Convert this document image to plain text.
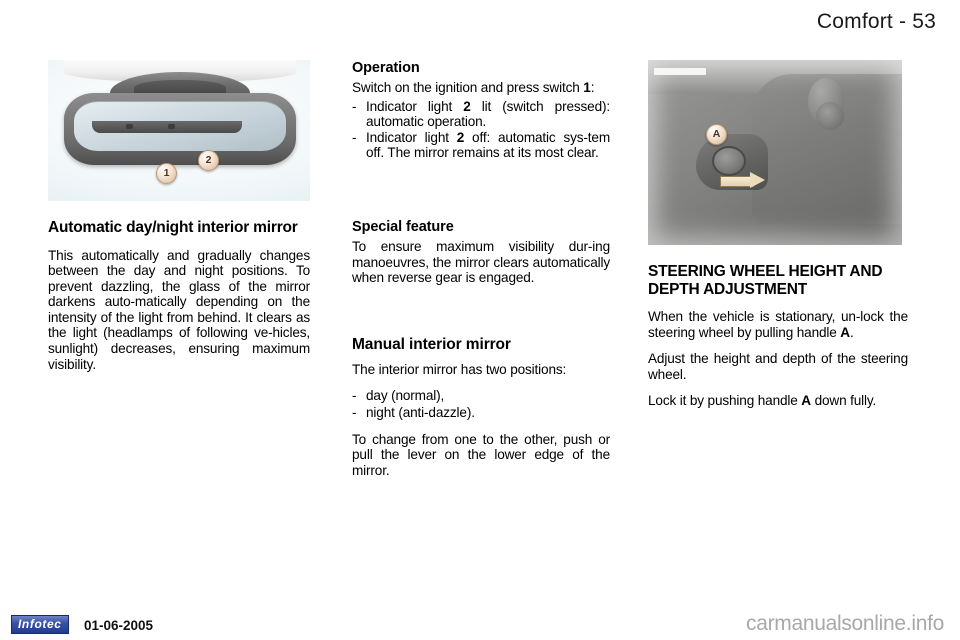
Comfort - 53
1
2
Automatic day/night interior mirror

This automatically and gradually changes between the day and night positions. To prevent dazzling, the glass of the mirror darkens auto-matically depending on the intensity of the light from behind. It clears as the light (headlamps of following ve-hicles, sunlight) decreases, ensuring maximum visibility.

Operation

Switch on the ignition and press switch 1:

- Indicator light 2 lit (switch pressed): automatic operation.
- Indicator light 2 off: automatic sys-tem off. The mirror remains at its most clear.
Special feature

To ensure maximum visibility dur-ing manoeuvres, the mirror clears automatically when reverse gear is engaged.

Manual interior mirror

The interior mirror has two positions:

- day (normal),
- night (anti-dazzle).

To change from one to the other, push or pull the lever on the lower edge of the mirror.

A
STEERING WHEEL HEIGHT AND DEPTH ADJUSTMENT

When the vehicle is stationary, un-lock the steering wheel by pulling handle A.

Adjust the height and depth of the steering wheel.

Lock it by pushing handle A down fully.

Infotec	01-06-2005	carmanualsonline.info
